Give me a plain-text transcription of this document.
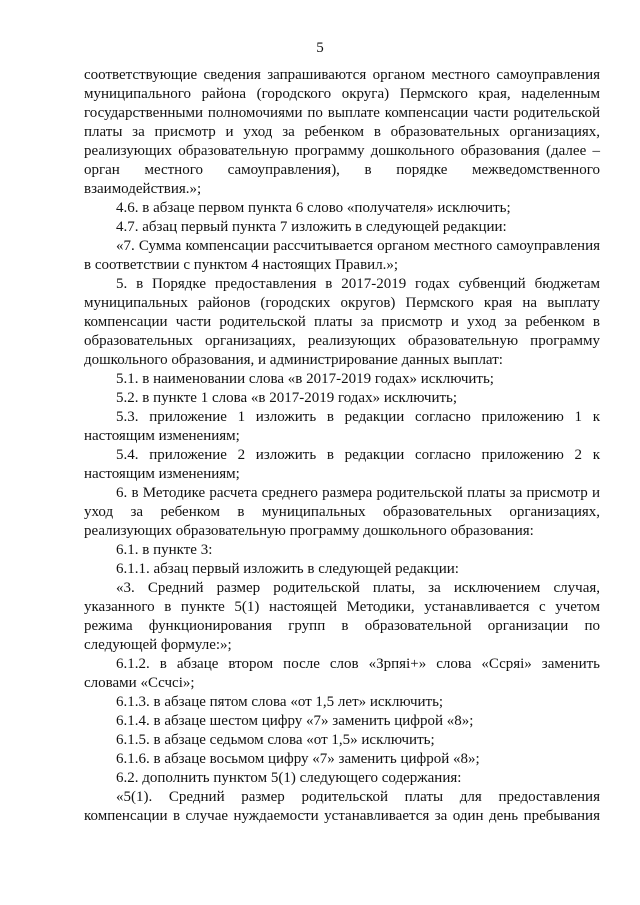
5

соответствующие сведения запрашиваются органом местного самоуправления муниципального района (городского округа) Пермского края, наделенным государственными полномочиями по выплате компенсации части родительской платы за присмотр и уход за ребенком в образовательных организациях, реализующих образовательную программу дошкольного образования (далее – орган местного самоуправления), в порядке межведомственного взаимодействия.»;

4.6. в абзаце первом пункта 6 слово «получателя» исключить;

4.7. абзац первый пункта 7 изложить в следующей редакции:

«7. Сумма компенсации рассчитывается органом местного самоуправления в соответствии с пунктом 4 настоящих Правил.»;

5. в Порядке предоставления в 2017-2019 годах субвенций бюджетам муниципальных районов (городских округов) Пермского края на выплату компенсации части родительской платы за присмотр и уход за ребенком в образовательных организациях, реализующих образовательную программу дошкольного образования, и администрирование данных выплат:

5.1. в наименовании слова «в 2017-2019 годах» исключить;

5.2. в пункте 1 слова «в 2017-2019 годах» исключить;

5.3. приложение 1 изложить в редакции согласно приложению 1 к настоящим изменениям;

5.4. приложение 2 изложить в редакции согласно приложению 2 к настоящим изменениям;

6. в Методике расчета среднего размера родительской платы за присмотр и уход за ребенком в муниципальных образовательных организациях, реализующих образовательную программу дошкольного образования:

6.1. в пункте 3:

6.1.1. абзац первый изложить в следующей редакции:

«3. Средний размер родительской платы, за исключением случая, указанного в пункте 5(1) настоящей Методики, устанавливается с учетом режима функционирования групп в образовательной организации по следующей формуле:»;

6.1.2. в абзаце втором после слов «Зрпяі+» слова «Ссряі» заменить словами «Ссчсі»;

6.1.3. в абзаце пятом слова «от 1,5 лет» исключить;

6.1.4. в абзаце шестом цифру «7» заменить цифрой «8»;

6.1.5. в абзаце седьмом слова «от 1,5» исключить;

6.1.6. в абзаце восьмом цифру «7» заменить цифрой «8»;

6.2. дополнить пунктом 5(1) следующего содержания:

«5(1). Средний размер родительской платы для предоставления компенсации в случае нуждаемости устанавливается за один день пребывания
